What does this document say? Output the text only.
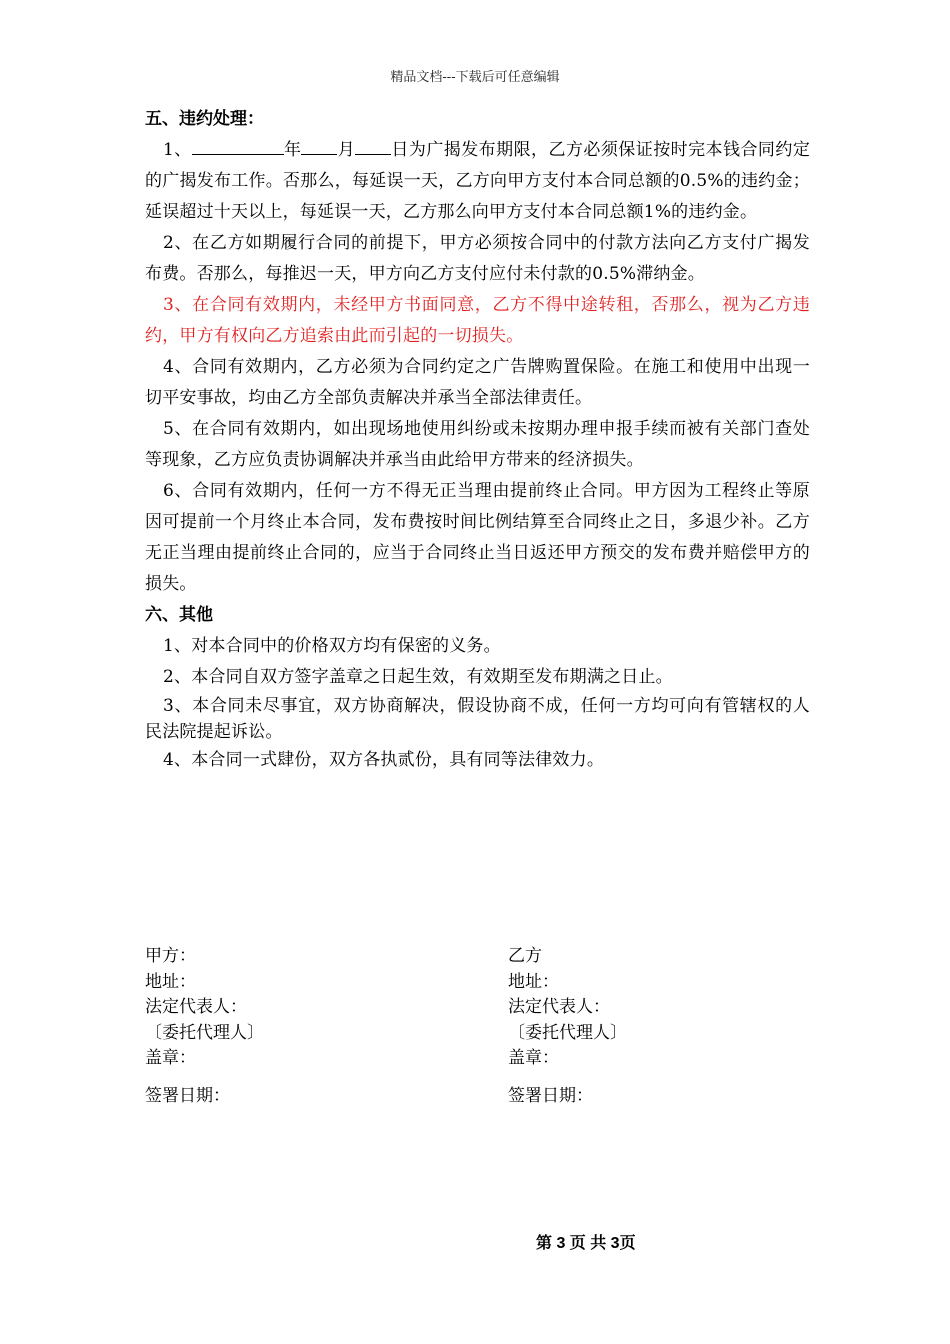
精品文档---下载后可任意编辑

五、违约处理：

1、	年 月 日为广揭发布期限，乙方必须保证按时完本钱合同约定的广揭发布工作。否那么，每延误一天，乙方向甲方支付本合同总额的0.5%的违约金；延误超过十天以上，每延误一天，乙方那么向甲方支付本合同总额1%的违约金。

2、在乙方如期履行合同的前提下，甲方必须按合同中的付款方法向乙方支付广揭发布费。否那么，每推迟一天，甲方向乙方支付应付未付款的0.5%滞纳金。

3、在合同有效期内，未经甲方书面同意，乙方不得中途转租，否那么，视为乙方违约，甲方有权向乙方追索由此而引起的一切损失。

4、合同有效期内，乙方必须为合同约定之广告牌购置保险。在施工和使用中出现一切平安事故，均由乙方全部负责解决并承当全部法律责任。

5、在合同有效期内，如出现场地使用纠纷或未按期办理申报手续而被有关部门查处等现象，乙方应负责协调解决并承当由此给甲方带来的经济损失。

6、合同有效期内，任何一方不得无正当理由提前终止合同。甲方因为工程终止等原因可提前一个月终止本合同，发布费按时间比例结算至合同终止之日，多退少补。乙方无正当理由提前终止合同的，应当于合同终止当日返还甲方预交的发布费并赔偿甲方的损失。

六、其他

1、对本合同中的价格双方均有保密的义务。

2、本合同自双方签字盖章之日起生效，有效期至发布期满之日止。

3、本合同未尽事宜，双方协商解决，假设协商不成，任何一方均可向有管辖权的人民法院提起诉讼。

4、本合同一式肆份，双方各执贰份，具有同等法律效力。

甲方：
地址：
法定代表人：
〔委托代理人〕
盖章：
签署日期：
乙方
地址：
法定代表人：
〔委托代理人〕
盖章：
签署日期：
第 3 页 共 3页
